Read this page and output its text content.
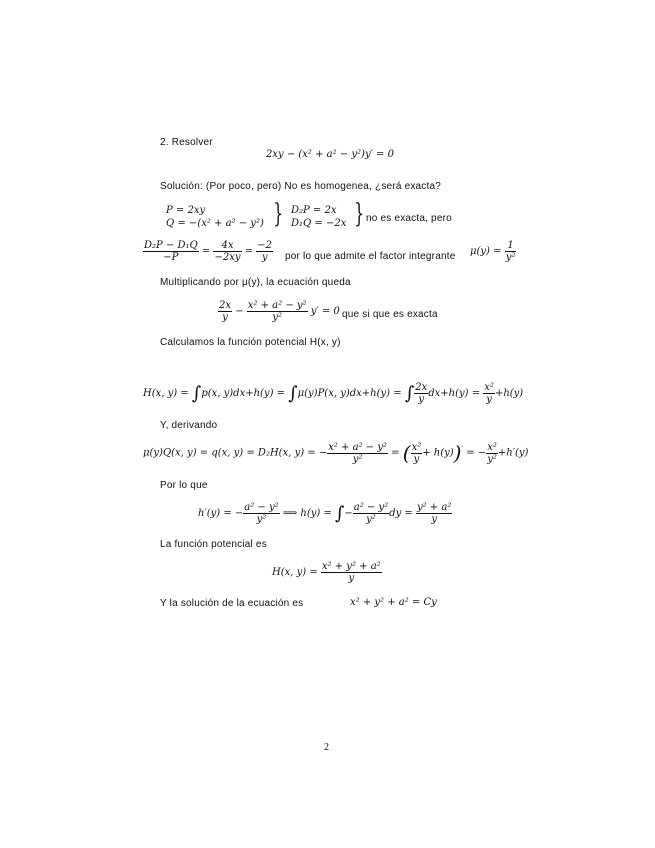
2. Resolver
2xy − (x² + a² − y²)y′ = 0
Solución: (Por poco, pero) No es homogenea, ¿será exacta?
P = 2xy
Q = −(x² + a² − y²) } D₂P = 2x
D₁Q = −2x } no es exacta, pero
$\frac{\text{D₂P − D₁Q}}{-P} = \frac{4x}{-2xy} = \frac{-2}{y}$ por lo que admite el factor integrante $\mu(y) = \frac{1}{\text{y²}}$
Multiplicando por μ(y), la ecuación queda
$\frac{2x}{y} - \frac{\text{x² + a² − y²}}{\text{y²}} y' = 0$ que si que es exacta
Calculamos la función potencial H(x, y)
H(x, y) = ∫p(x, y)dx+h(y) = ∫μ(y)P(x, y)dx+h(y) = ∫ $\frac{2x}{y} dx+h(y) = \frac{\text{x²}}{y} +h(y)$
Y, derivando
μ(y)Q(x, y) = q(x, y) = D₂H(x, y) = − $\frac{\text{x² + a² − y²}}{\text{y²}}$ = ( $\frac{\text{x²}}{y} + h(y))'$ = − $\frac{\text{x²}}{\text{y²}} +h'(y)$
Por lo que
h′(y) = − $\frac{\text{a² − y²}}{\text{y²}}$ ⟹ h(y) = ∫− $\frac{\text{a² − y²}}{\text{y²}}$ dy = $\frac{\text{y² + a²}}{y}$
La función potencial es
H(x, $y) = \frac{\text{x² + y² + a²}}{y}$
Y la solución de la ecuación es	x² + y² + a² = Cy
2
